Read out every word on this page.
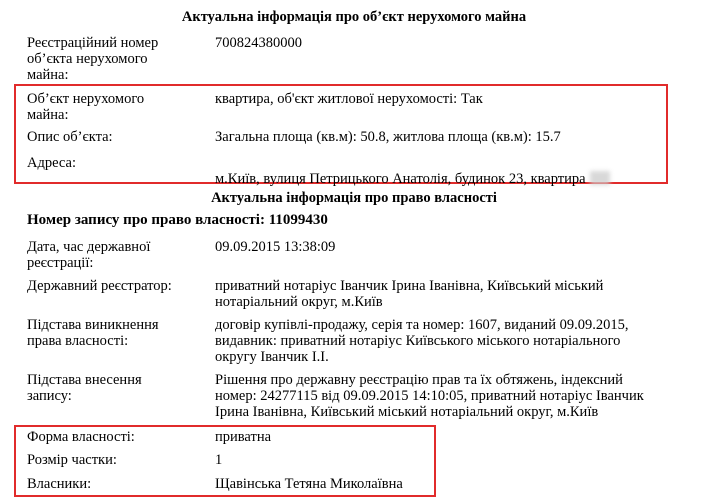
Актуальна інформація про об’єкт нерухомого майна
Реєстраційний номер
об’єкта нерухомого
майна:
700824380000
Об’єкт нерухомого
майна:
квартира, об'єкт житлової нерухомості: Так
Опис об’єкта:	Загальна площа (кв.м): 50.8, житлова площа (кв.м): 15.7
Адреса:

м.Київ, вулиця Петрицького Анатолія, будинок 23, квартира

Актуальна інформація про право власності
Номер запису про право власності: 11099430
Дата, час державної
реєстрації:
09.09.2015 13:38:09
Державний реєстратор:	приватний нотаріус Іванчик Ірина Іванівна, Київський міський
нотаріальний округ, м.Київ
Підстава виникнення
права власності:
договір купівлі-продажу, серія та номер: 1607, виданий 09.09.2015,
видавник: приватний нотаріус Київського міського нотаріального
округу Іванчик І.І.
Підстава внесення
запису:
Рішення про державну реєстрацію прав та їх обтяжень, індексний
номер: 24277115 від 09.09.2015 14:10:05, приватний нотаріус Іванчик
Ірина Іванівна, Київський міський нотаріальний округ, м.Київ
Форма власності:	приватна
Розмір частки:	1
Власники:	Щавінська Тетяна Миколаївна
